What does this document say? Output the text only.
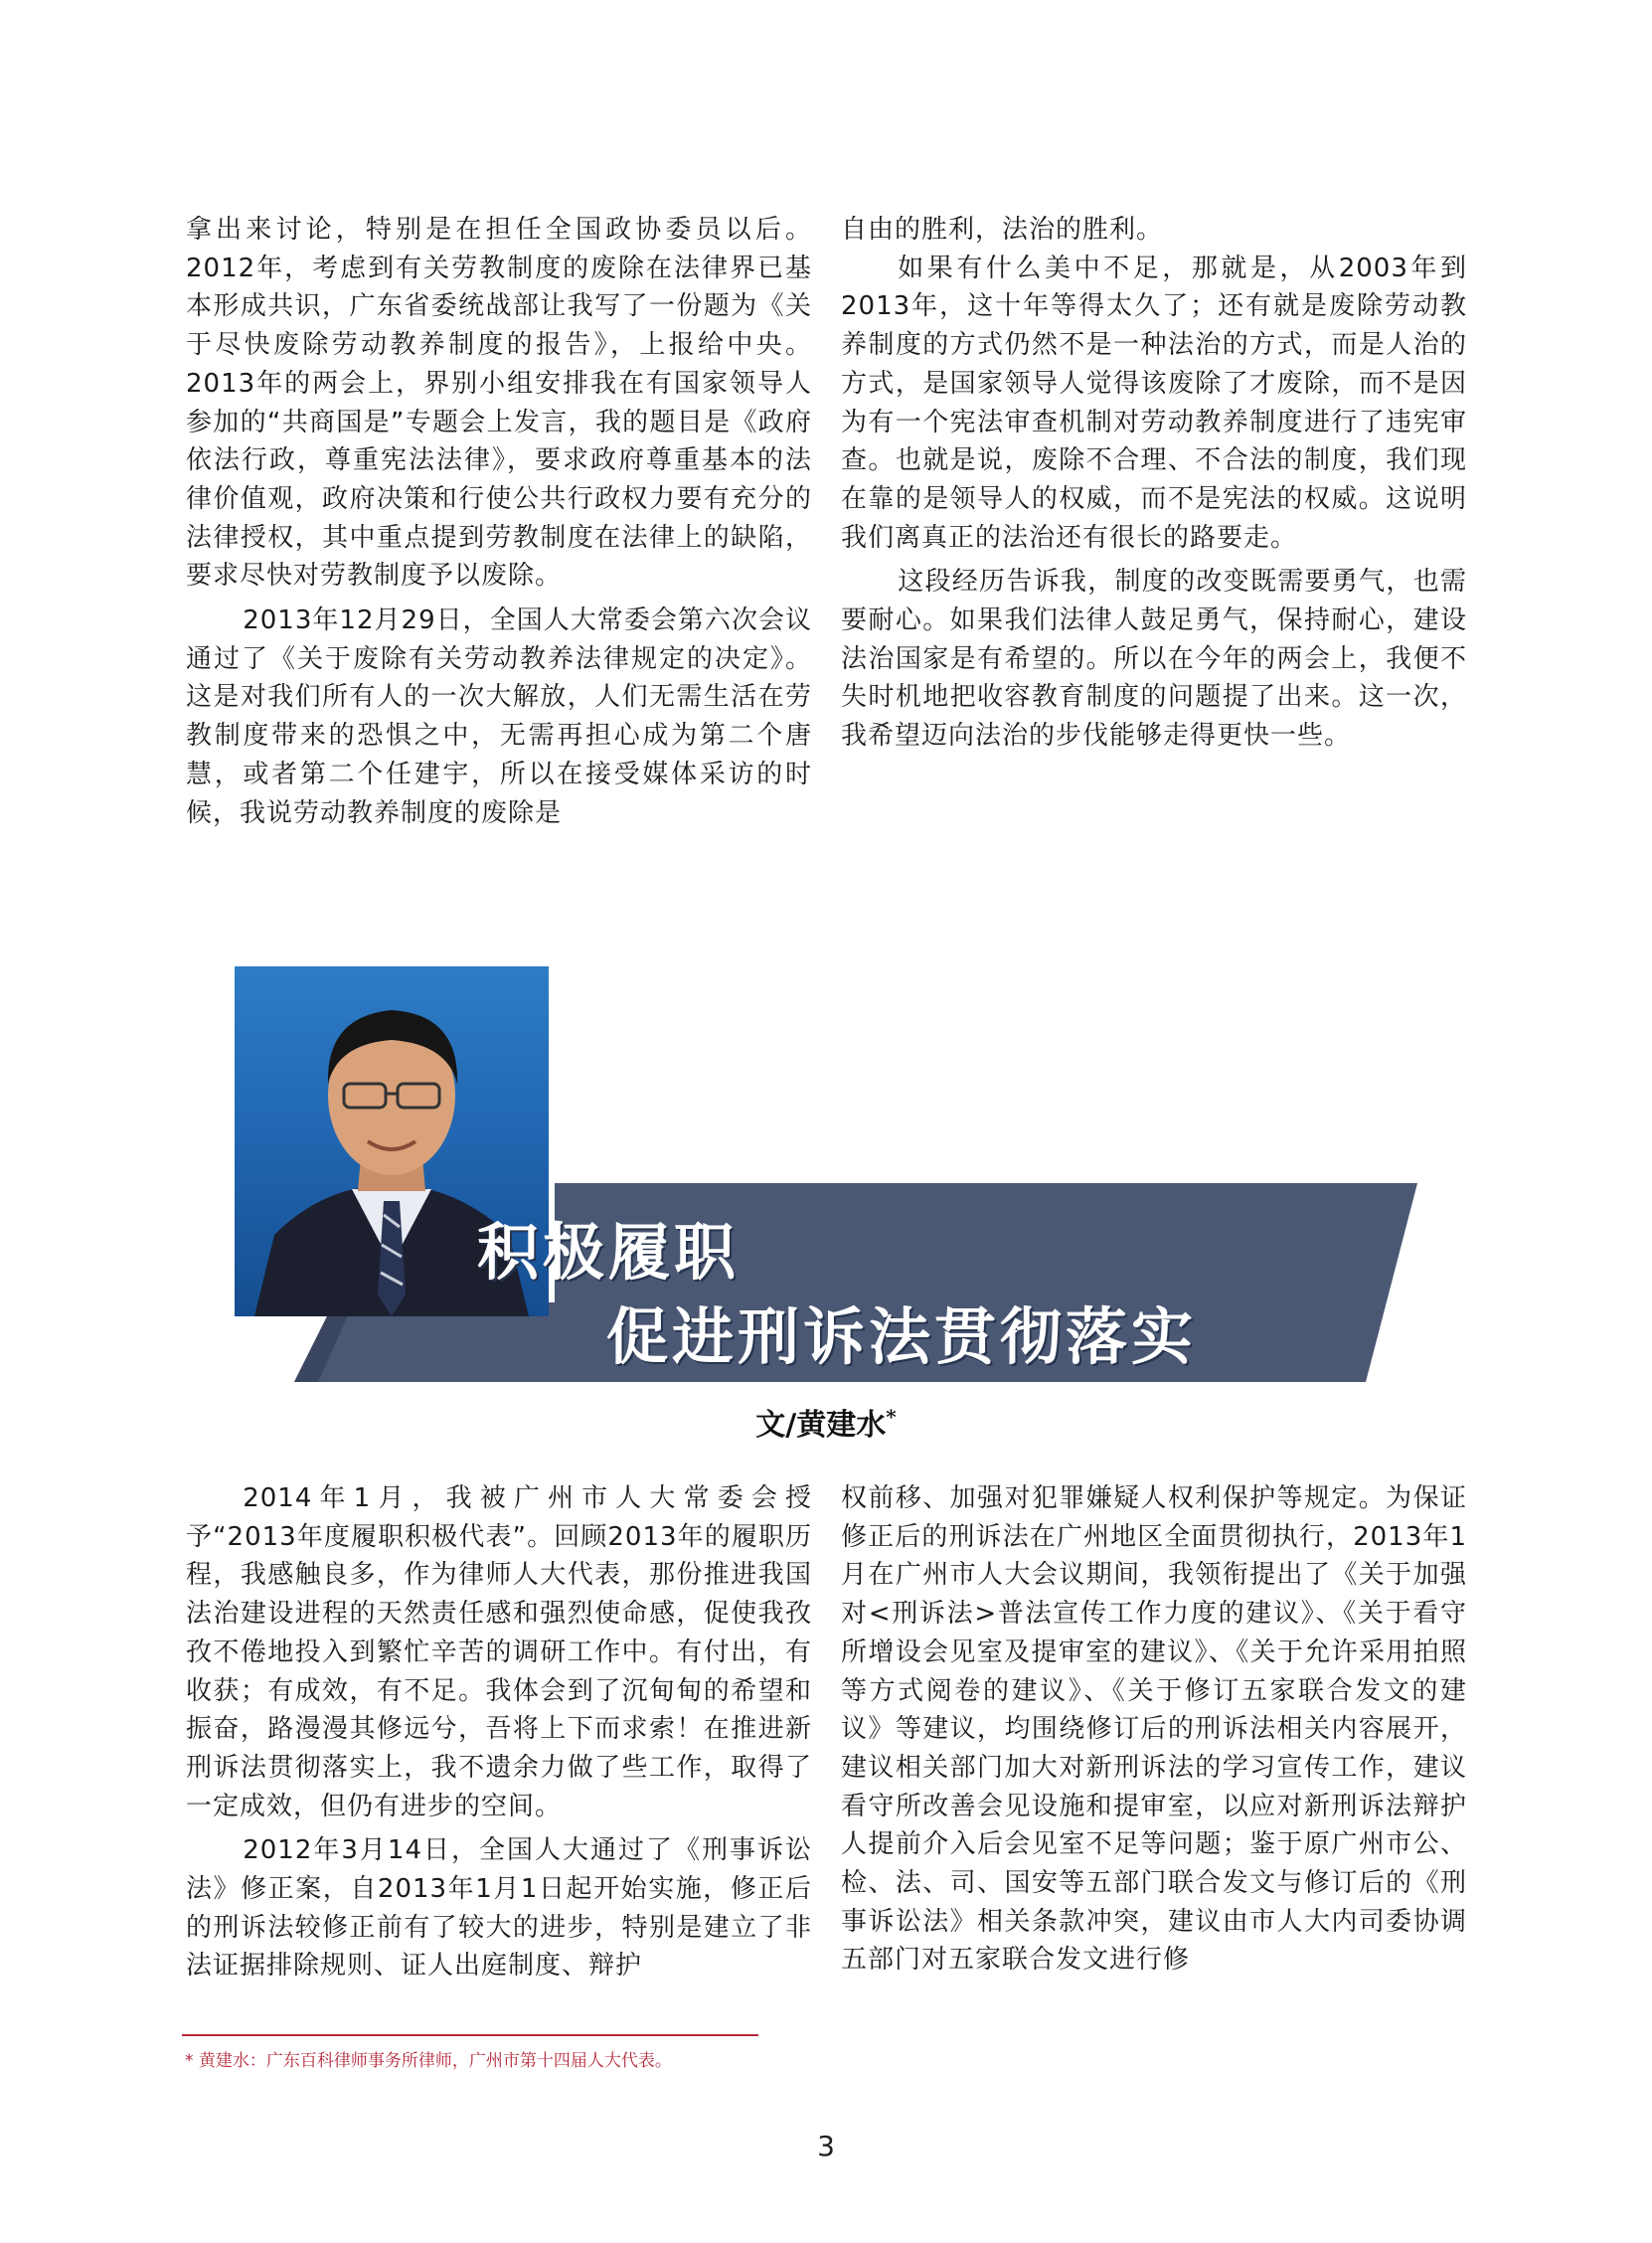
拿出来讨论，特别是在担任全国政协委员以后。2012年，考虑到有关劳教制度的废除在法律界已基本形成共识，广东省委统战部让我写了一份题为《关于尽快废除劳动教养制度的报告》，上报给中央。2013年的两会上，界别小组安排我在有国家领导人参加的“共商国是”专题会上发言，我的题目是《政府依法行政，尊重宪法法律》，要求政府尊重基本的法律价值观，政府决策和行使公共行政权力要有充分的法律授权，其中重点提到劳教制度在法律上的缺陷，要求尽快对劳教制度予以废除。

2013年12月29日，全国人大常委会第六次会议通过了《关于废除有关劳动教养法律规定的决定》。这是对我们所有人的一次大解放，人们无需生活在劳教制度带来的恐惧之中，无需再担心成为第二个唐慧，或者第二个任建宇，所以在接受媒体采访的时候，我说劳动教养制度的废除是

自由的胜利，法治的胜利。

如果有什么美中不足，那就是，从2003年到2013年，这十年等得太久了；还有就是废除劳动教养制度的方式仍然不是一种法治的方式，而是人治的方式，是国家领导人觉得该废除了才废除，而不是因为有一个宪法审查机制对劳动教养制度进行了违宪审查。也就是说，废除不合理、不合法的制度，我们现在靠的是领导人的权威，而不是宪法的权威。这说明我们离真正的法治还有很长的路要走。

这段经历告诉我，制度的改变既需要勇气，也需要耐心。如果我们法律人鼓足勇气，保持耐心，建设法治国家是有希望的。所以在今年的两会上，我便不失时机地把收容教育制度的问题提了出来。这一次，我希望迈向法治的步伐能够走得更快一些。

积极履职
促进刑诉法贯彻落实
文/黄建水*

2014年1月，我被广州市人大常委会授予“2013年度履职积极代表”。回顾2013年的履职历程，我感触良多，作为律师人大代表，那份推进我国法治建设进程的天然责任感和强烈使命感，促使我孜孜不倦地投入到繁忙辛苦的调研工作中。有付出，有收获；有成效，有不足。我体会到了沉甸甸的希望和振奋，路漫漫其修远兮，吾将上下而求索！在推进新刑诉法贯彻落实上，我不遗余力做了些工作，取得了一定成效，但仍有进步的空间。

2012年3月14日，全国人大通过了《刑事诉讼法》修正案，自2013年1月1日起开始实施，修正后的刑诉法较修正前有了较大的进步，特别是建立了非法证据排除规则、证人出庭制度、辩护

权前移、加强对犯罪嫌疑人权利保护等规定。为保证修正后的刑诉法在广州地区全面贯彻执行，2013年1月在广州市人大会议期间，我领衔提出了《关于加强对<刑诉法>普法宣传工作力度的建议》、《关于看守所增设会见室及提审室的建议》、《关于允许采用拍照等方式阅卷的建议》、《关于修订五家联合发文的建议》等建议，均围绕修订后的刑诉法相关内容展开，建议相关部门加大对新刑诉法的学习宣传工作，建议看守所改善会见设施和提审室，以应对新刑诉法辩护人提前介入后会见室不足等问题；鉴于原广州市公、检、法、司、国安等五部门联合发文与修订后的《刑事诉讼法》相关条款冲突，建议由市人大内司委协调五部门对五家联合发文进行修

* 黄建水：广东百科律师事务所律师，广州市第十四届人大代表。
3
